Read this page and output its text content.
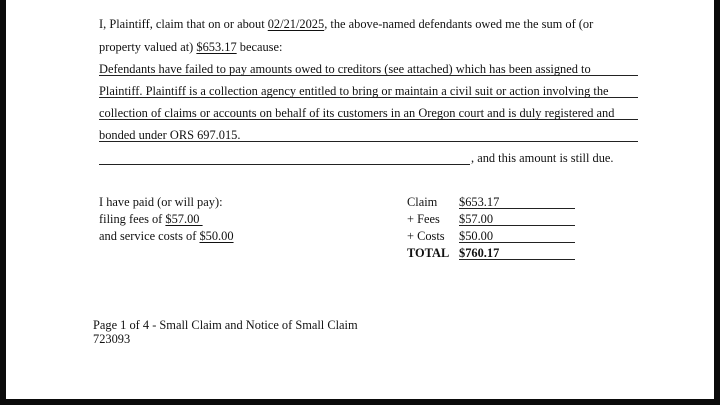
I, Plaintiff, claim that on or about 02/21/2025, the above-named defendants owed me the sum of (or
property valued at) $653.17 because:
Defendants have failed to pay amounts owed to creditors (see attached) which has been assigned to
Plaintiff. Plaintiff is a collection agency entitled to bring or maintain a civil suit or action involving the
collection of claims or accounts on behalf of its customers in an Oregon court and is duly registered and
bonded under ORS 697.015.
, and this amount is still due.
I have paid (or will pay):
filing fees of $57.00
and service costs of $50.00
Claim $653.17
+ Fees $57.00
+ Costs $50.00
TOTAL $760.17
Page 1 of 4 - Small Claim and Notice of Small Claim
723093
